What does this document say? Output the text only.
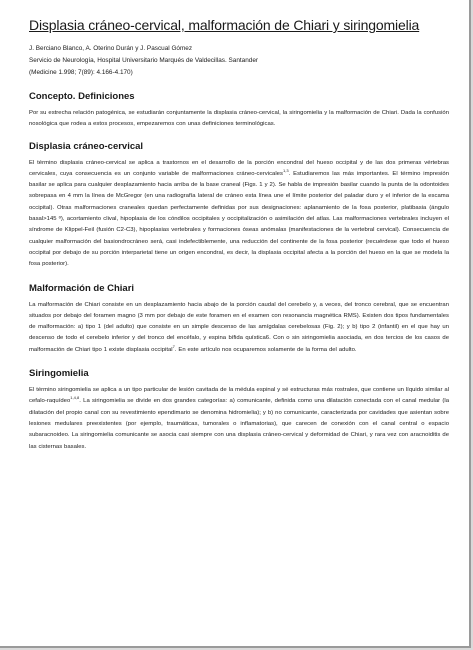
Displasia cráneo-cervical, malformación de Chiari y siringomielia

J. Berciano Blanco, A. Oterino Durán y J. Pascual Gómez

Servicio de Neurología, Hospital Universitario Marqués de Valdecillas. Santander

(Medicine 1.998; 7(89): 4.166-4.170)

Concepto. Definiciones

Por su estrecha relación patogénica, se estudiarán conjuntamente la displasia cráneo-cervical, la siringomielia y la malformación de Chiari. Dada la confusión nosológica que rodea a estos procesos, empezaremos con unas definiciones terminológicas.

Displasia cráneo-cervical

El término displasia cráneo-cervical se aplica a trastornos en el desarrollo de la porción encondral del hueso occipital y de las dos primeras vértebras cervicales, cuya consecuencia es un conjunto variable de malformaciones cráneo-cervicales$^{1,3}$. Estudiaremos las más importantes. El término impresión basilar se aplica para cualquier desplazamiento hacia arriba de la base craneal (Figs. 1 y 2). Se habla de impresión basilar cuando la punta de la odontoides sobrepasa en 4 mm la línea de McGregor (en una radiografía lateral de cráneo esta línea une el límite posterior del paladar duro y el inferior de la escama occipital). Otras malformaciones craneales quedan perfectamente definidas por sus designaciones: aplanamiento de la fosa posterior, platibasia (ángulo basal>145 º), acortamiento clival, hipoplasia de los cóndilos occipitales y occipitalización o asimilación del atlas. Las malformaciones vertebrales incluyen el síndrome de Klippel-Feil (fusión C2-C3), hipoplasias vertebrales y formaciones óseas anómalas (manifestaciones de la vertebral cervical). Consecuencia de cualquier malformación del basiondrocráneo será, casi indefectiblemente, una reducción del continente de la fosa posterior (recuérdese que todo el hueso occipital por debajo de su porción interparietal tiene un origen encondral, es decir, la displasia occipital afecta a la porción del hueso en la que se modela la fosa posterior).

Malformación de Chiari

La malformación de Chiari consiste en un desplazamiento hacia abajo de la porción caudal del cerebelo y, a veces, del tronco cerebral, que se encuentran situados por debajo del foramen magno (3 mm por debajo de este foramen en el examen con resonancia magnética RMS). Existen dos tipos fundamentales de malformación: a) tipo 1 (del adulto) que consiste en un simple descenso de las amígdalas cerebelosas (Fig. 2); y b) tipo 2 (infantil) en el que hay un descenso de todo el cerebelo inferior y del tronco del encéfalo, y espina bífida quística6. Con o sin siringomielia asociada, en dos tercios de los casos de malformación de Chiari tipo 1 existe displasia occipital$^7$. En este artículo nos ocuparemos solamente de la forma del adulto.

Siringomielia

El término siringomielia se aplica a un tipo particular de lesión cavitada de la médula espinal y sé estructuras más rostrales, que contiene un líquido similar al cefalo-raquídeo$^{1,4,8}$. La siringomielia se divide en dos grandes categorías: a) comunicante, definida como una dilatación conectada con el canal medular (la dilatación del propio canal con su revestimiento ependimario se denomina hidromielia); y b) no comunicante, caracterizada por cavidades que asientan sobre lesiones medulares preexistentes (por ejemplo, traumáticas, tumorales o inflamatorias), que carecen de conexión con el canal central o espacio subaracnoideo. La siringomielia comunicante se asocia casi siempre con una displasia cráneo-cervical y deformidad de Chiari, y rara vez con aracnoiditis de las cisternas basales.
